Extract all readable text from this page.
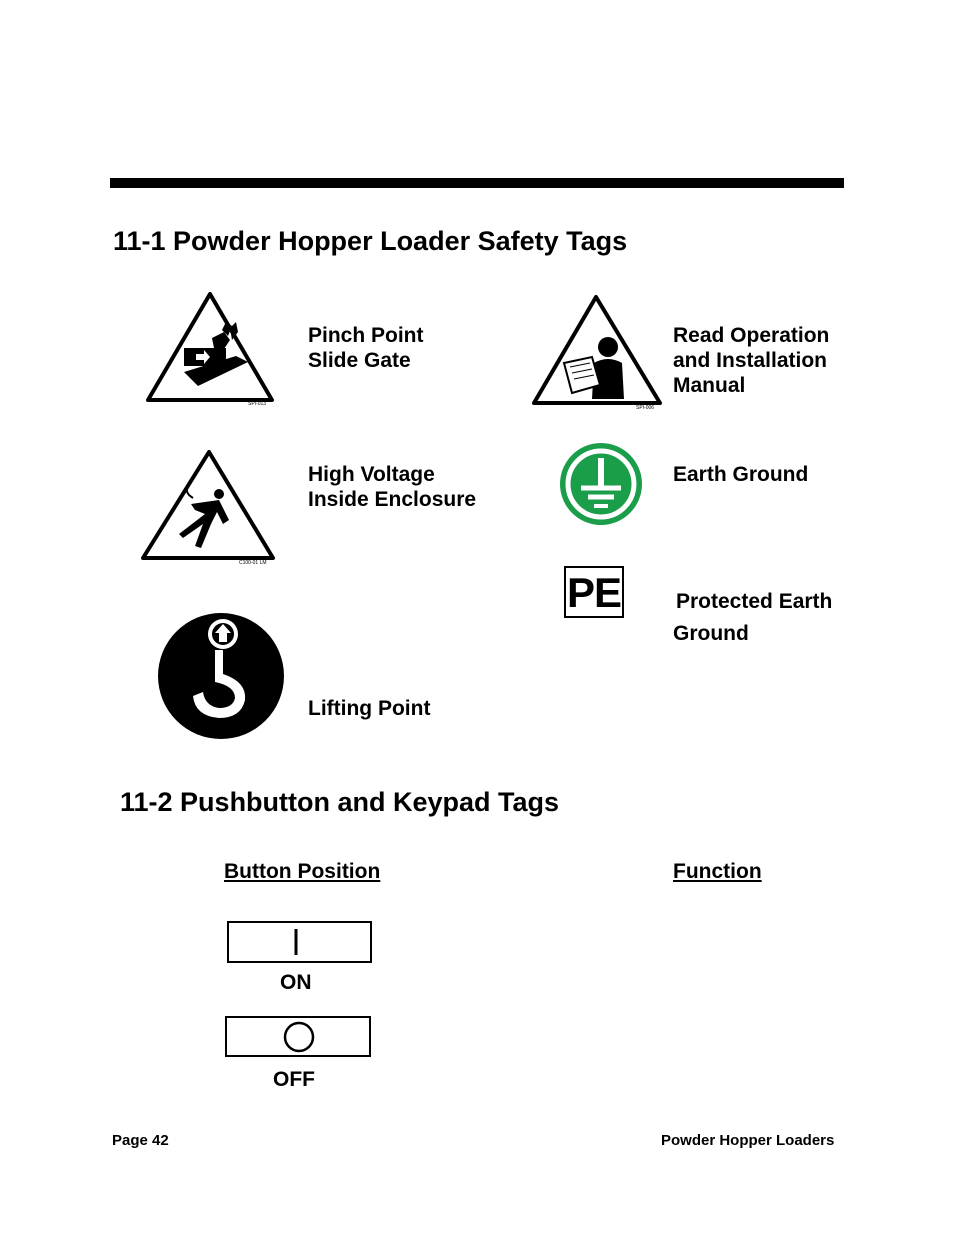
11-1 Powder Hopper Loader Safety Tags
SPI-013
Pinch Point
Slide Gate
SPI-006
Read Operation
and Installation
Manual
C100-01 LM
High Voltage
Inside Enclosure
Earth Ground
PE	Protected Earth
Ground
Lifting Point
11-2 Pushbutton and Keypad Tags
Button Position	Function
ON
OFF
Page 42	Powder Hopper Loaders
